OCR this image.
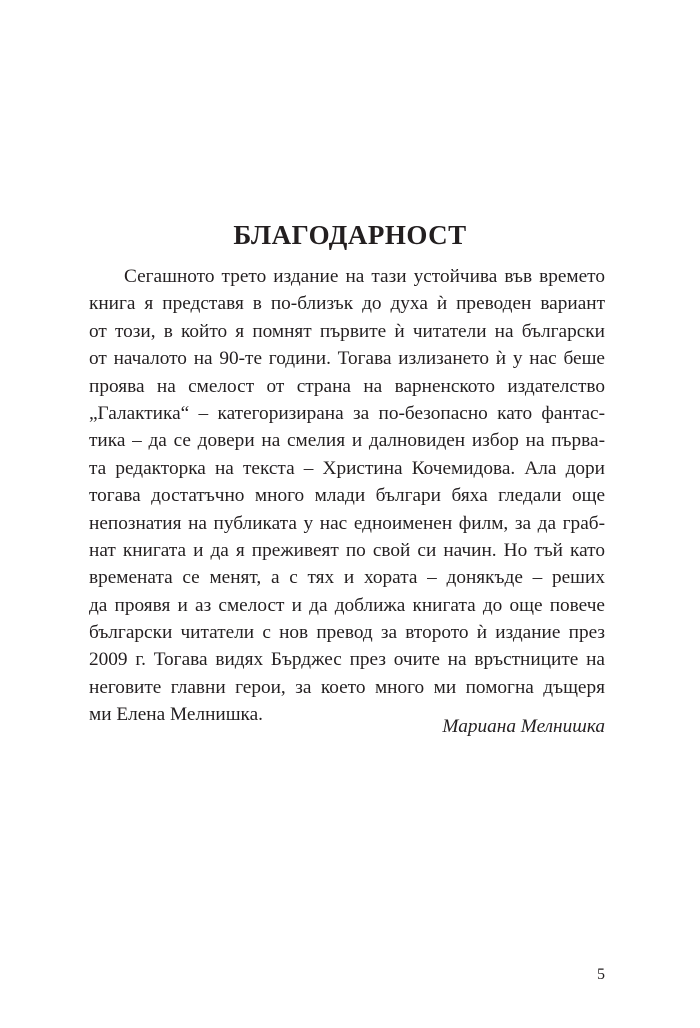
БЛАГОДАРНОСТ
Сегашното трето издание на тази устойчива във времето
книга я представя в по-близък до духа ѝ преводен вариант
от този, в който я помнят първите ѝ читатели на български
от началото на 90-те години. Тогава излизането ѝ у нас беше
проява на смелост от страна на варненското издателство
„Галактика“ – категоризирана за по-безопасно като фантас-
тика – да се довери на смелия и далновиден избор на първа-
та редакторка на текста – Христина Кочемидова. Ала дори
тогава достатъчно много млади българи бяха гледали още
непознатия на публиката у нас едноименен филм, за да граб-
нат книгата и да я преживеят по свой си начин. Но тъй като
времената се менят, а с тях и хората – донякъде – реших
да проявя и аз смелост и да доближа книгата до още повече
български читатели с нов превод за второто ѝ издание през
2009 г. Тогава видях Бърджес през очите на връстниците на
неговите главни герои, за което много ми помогна дъщеря
ми Елена Мелнишка.
Мариана Мелнишка
5
